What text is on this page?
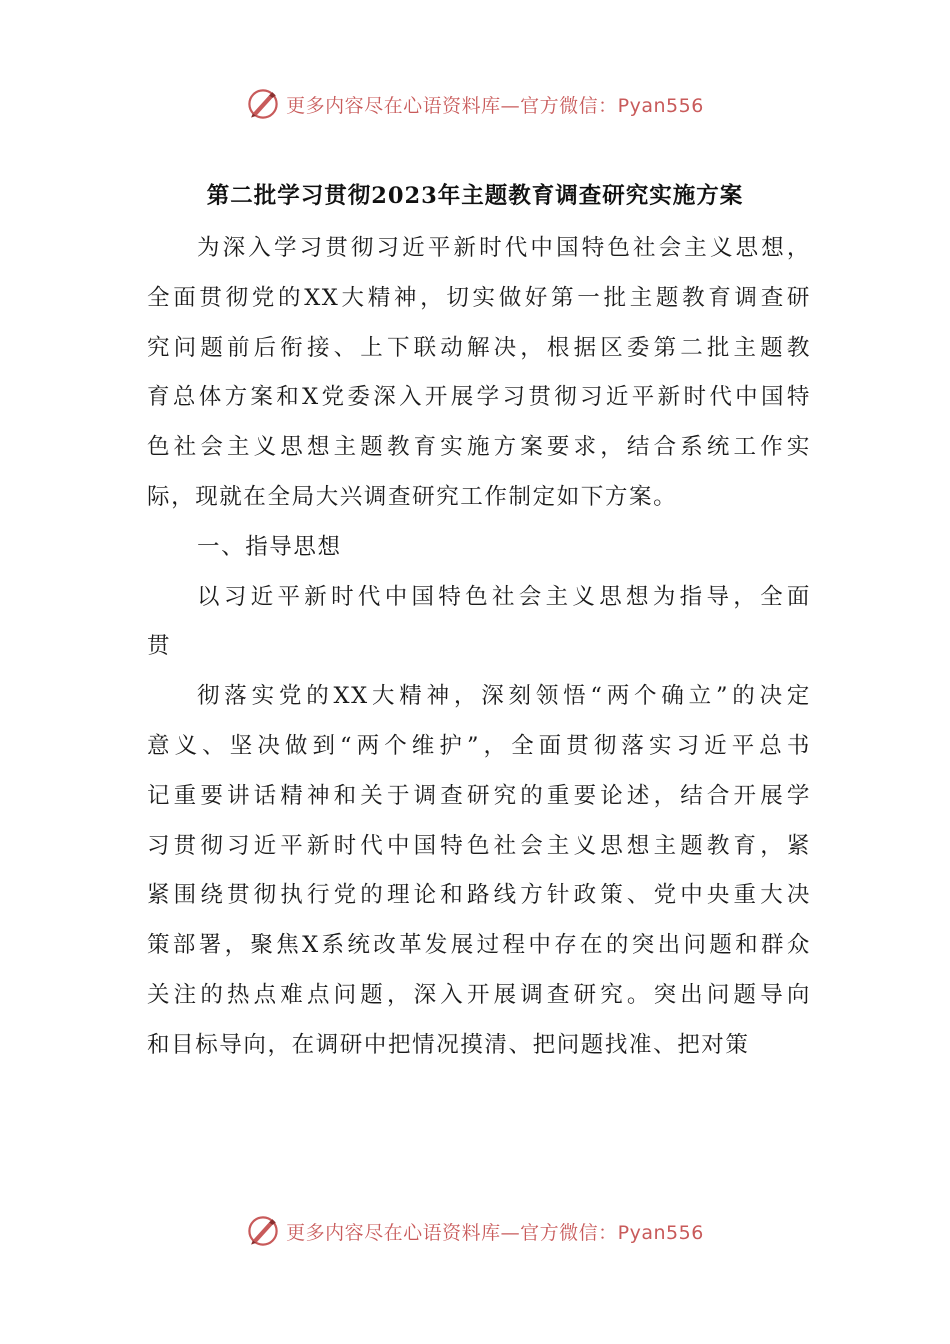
更多内容尽在心语资料库—官方微信：Pyan556
第二批学习贯彻2023年主题教育调查研究实施方案
为深入学习贯彻习近平新时代中国特色社会主义思想，
全面贯彻党的XX大精神，切实做好第一批主题教育调查研
究问题前后衔接、上下联动解决，根据区委第二批主题教
育总体方案和X党委深入开展学习贯彻习近平新时代中国特
色社会主义思想主题教育实施方案要求，结合系统工作实
际，现就在全局大兴调查研究工作制定如下方案。
一、指导思想
以习近平新时代中国特色社会主义思想为指导，全面
贯
彻落实党的XX大精神，深刻领悟“两个确立”的决定
意义、坚决做到“两个维护”，全面贯彻落实习近平总书
记重要讲话精神和关于调查研究的重要论述，结合开展学
习贯彻习近平新时代中国特色社会主义思想主题教育，紧
紧围绕贯彻执行党的理论和路线方针政策、党中央重大决
策部署，聚焦X系统改革发展过程中存在的突出问题和群众
关注的热点难点问题，深入开展调查研究。突出问题导向
和目标导向，在调研中把情况摸清、把问题找准、把对策
更多内容尽在心语资料库—官方微信：Pyan556
